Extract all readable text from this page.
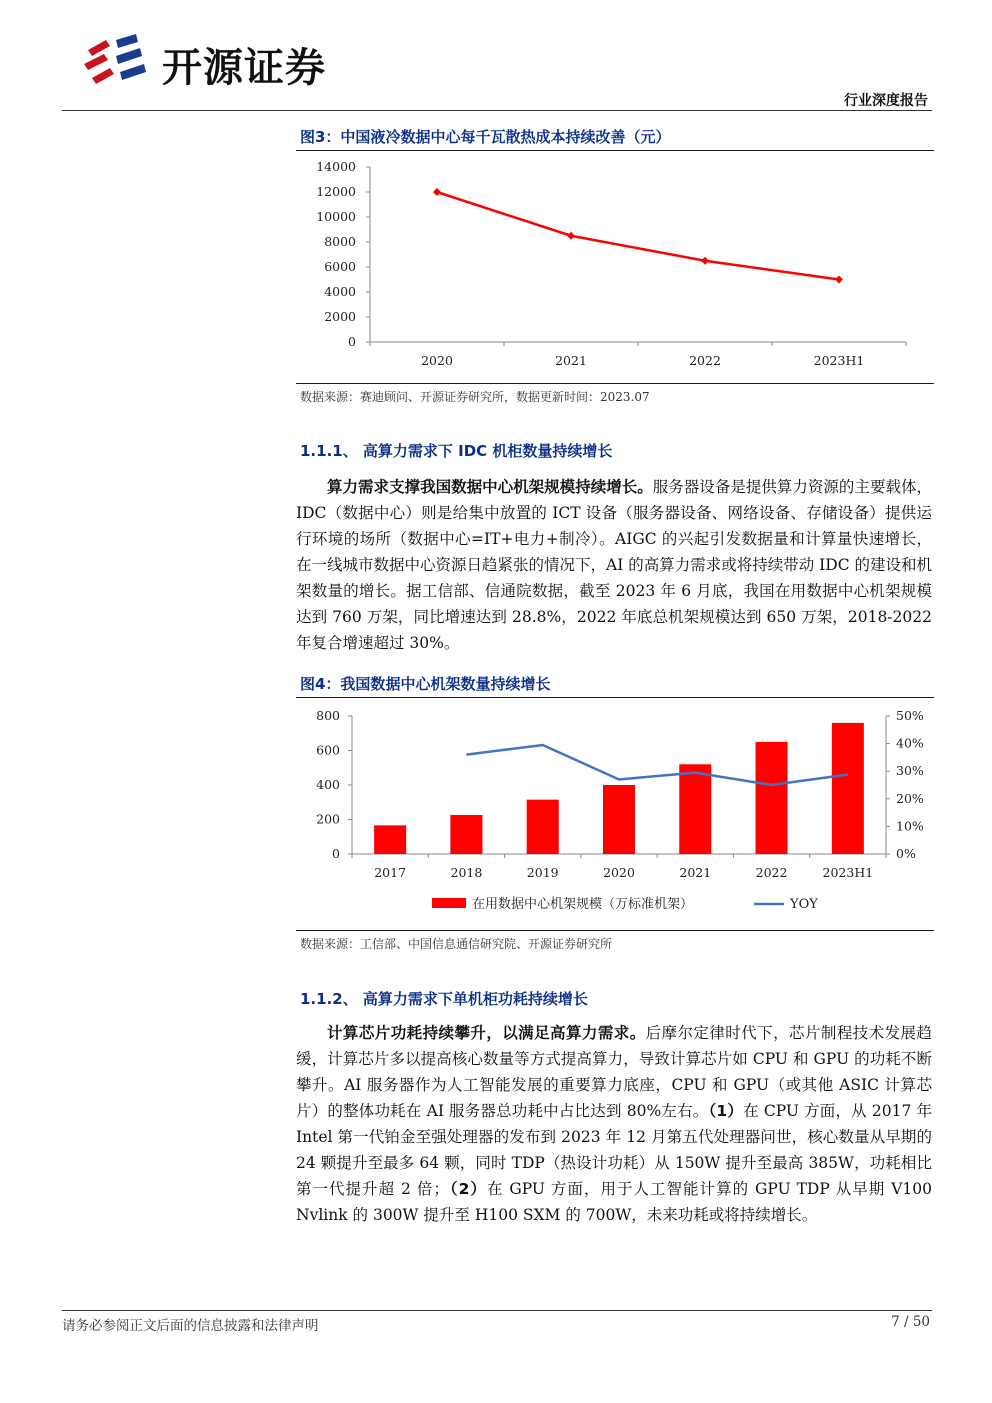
开源证券
行业深度报告
图3：中国液冷数据中心每千瓦散热成本持续改善（元）
0
2000
4000
6000
8000
10000
12000
14000
2020	2021	2022	2023H1
数据来源：赛迪顾问、开源证券研究所，数据更新时间：2023.07
1.1.1、 高算力需求下 IDC 机柜数量持续增长
算力需求支撑我国数据中心机架规模持续增长。服务器设备是提供算力资源的主要载体，IDC（数据中心）则是给集中放置的 ICT 设备（服务器设备、网络设备、存储设备）提供运行环境的场所（数据中心=IT+电力+制冷）。AIGC 的兴起引发数据量和计算量快速增长，在一线城市数据中心资源日趋紧张的情况下，AI 的高算力需求或将持续带动 IDC 的建设和机架数量的增长。据工信部、信通院数据，截至 2023 年 6 月底，我国在用数据中心机架规模达到 760 万架，同比增速达到 28.8%，2022 年底总机架规模达到 650 万架，2018-2022 年复合增速超过 30%。
图4：我国数据中心机架数量持续增长
0
200
400
600
800
0%
10%
20%
30%
40%
50%
2017	2018	2019	2020	2021	2022	2023H1
在用数据中心机架规模（万标准机架）	YOY
数据来源：工信部、中国信息通信研究院、开源证券研究所
1.1.2、 高算力需求下单机柜功耗持续增长
计算芯片功耗持续攀升，以满足高算力需求。后摩尔定律时代下，芯片制程技术发展趋缓，计算芯片多以提高核心数量等方式提高算力，导致计算芯片如 CPU 和 GPU 的功耗不断攀升。AI 服务器作为人工智能发展的重要算力底座，CPU 和 GPU（或其他 ASIC 计算芯片）的整体功耗在 AI 服务器总功耗中占比达到 80%左右。（1）在 CPU 方面，从 2017 年 Intel 第一代铂金至强处理器的发布到 2023 年 12 月第五代处理器问世，核心数量从早期的 24 颗提升至最多 64 颗，同时 TDP（热设计功耗）从 150W 提升至最高 385W，功耗相比第一代提升超 2 倍；（2）在 GPU 方面，用于人工智能计算的 GPU TDP 从早期 V100 Nvlink 的 300W 提升至 H100 SXM 的 700W，未来功耗或将持续增长。
请务必参阅正文后面的信息披露和法律声明	7 / 50
